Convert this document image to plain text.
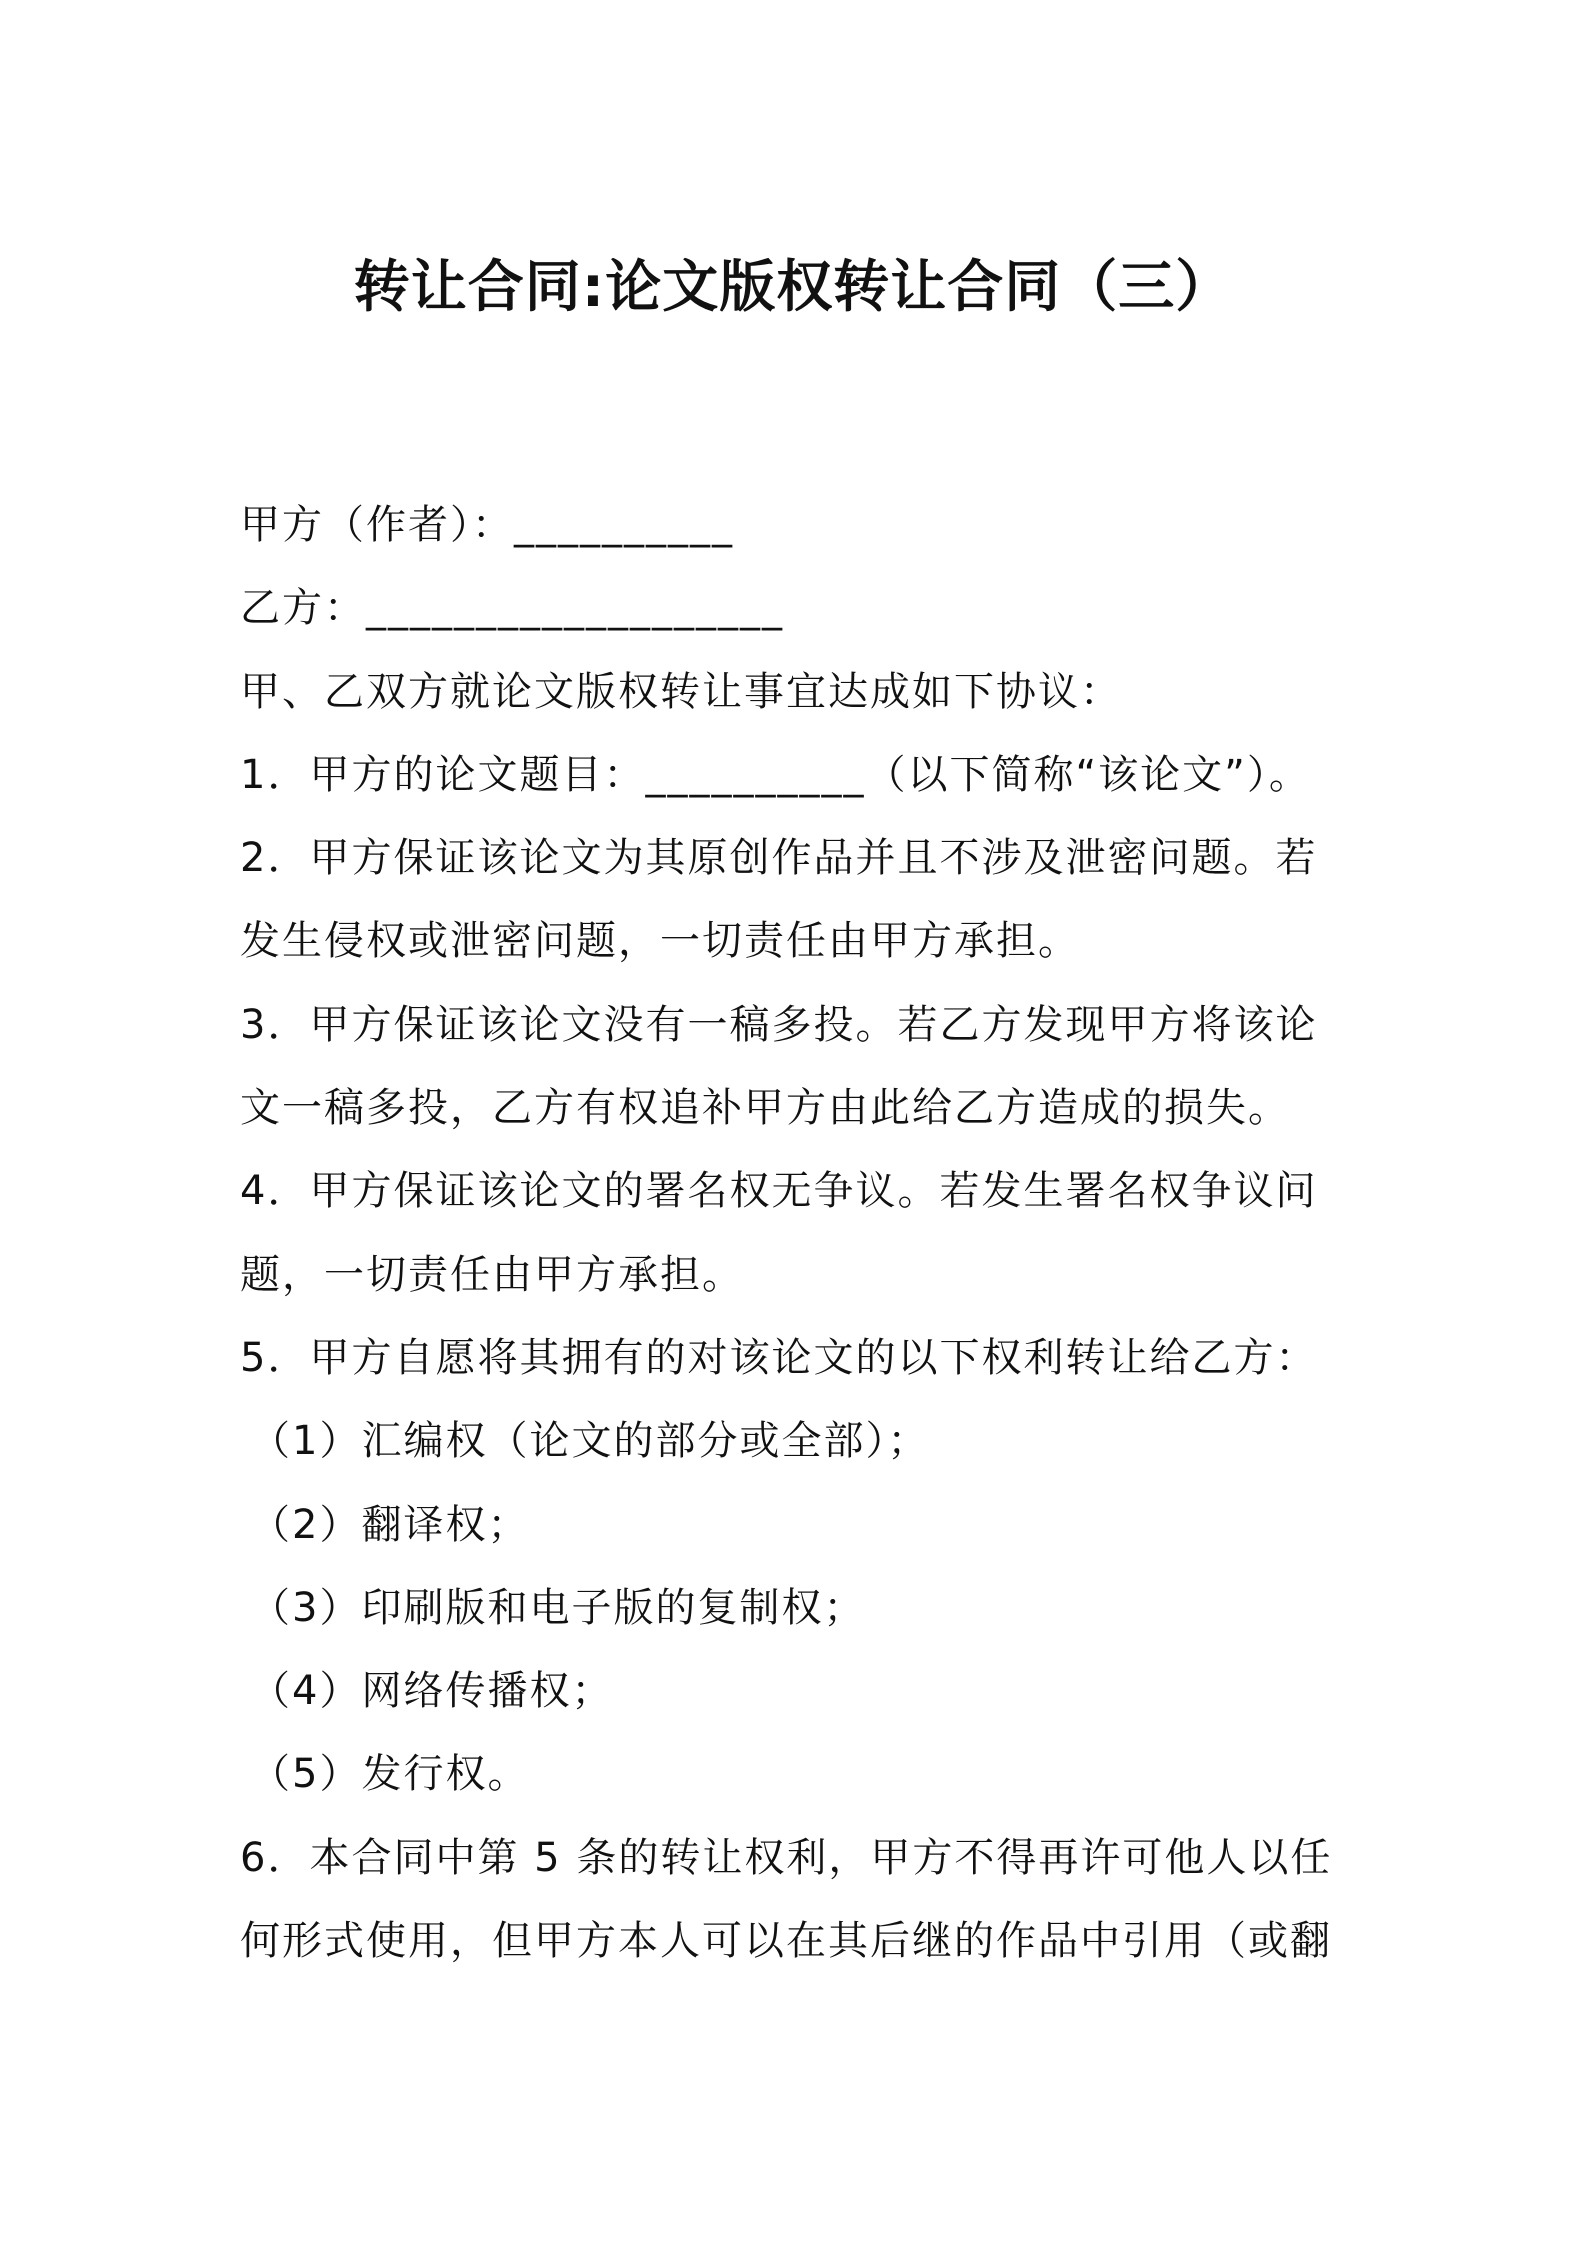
转让合同:论文版权转让合同（三）
甲方（作者）：__________
乙方：___________________
甲、乙双方就论文版权转让事宜达成如下协议：
1．甲方的论文题目：__________（以下简称“该论文”）。
2．甲方保证该论文为其原创作品并且不涉及泄密问题。若
发生侵权或泄密问题，一切责任由甲方承担。
3．甲方保证该论文没有一稿多投。若乙方发现甲方将该论
文一稿多投，乙方有权追补甲方由此给乙方造成的损失。
4．甲方保证该论文的署名权无争议。若发生署名权争议问
题，一切责任由甲方承担。
5．甲方自愿将其拥有的对该论文的以下权利转让给乙方：
（1）汇编权（论文的部分或全部）；
（2）翻译权；
（3）印刷版和电子版的复制权；
（4）网络传播权；
（5）发行权。
6．本合同中第 5 条的转让权利，甲方不得再许可他人以任
何形式使用，但甲方本人可以在其后继的作品中引用（或翻
